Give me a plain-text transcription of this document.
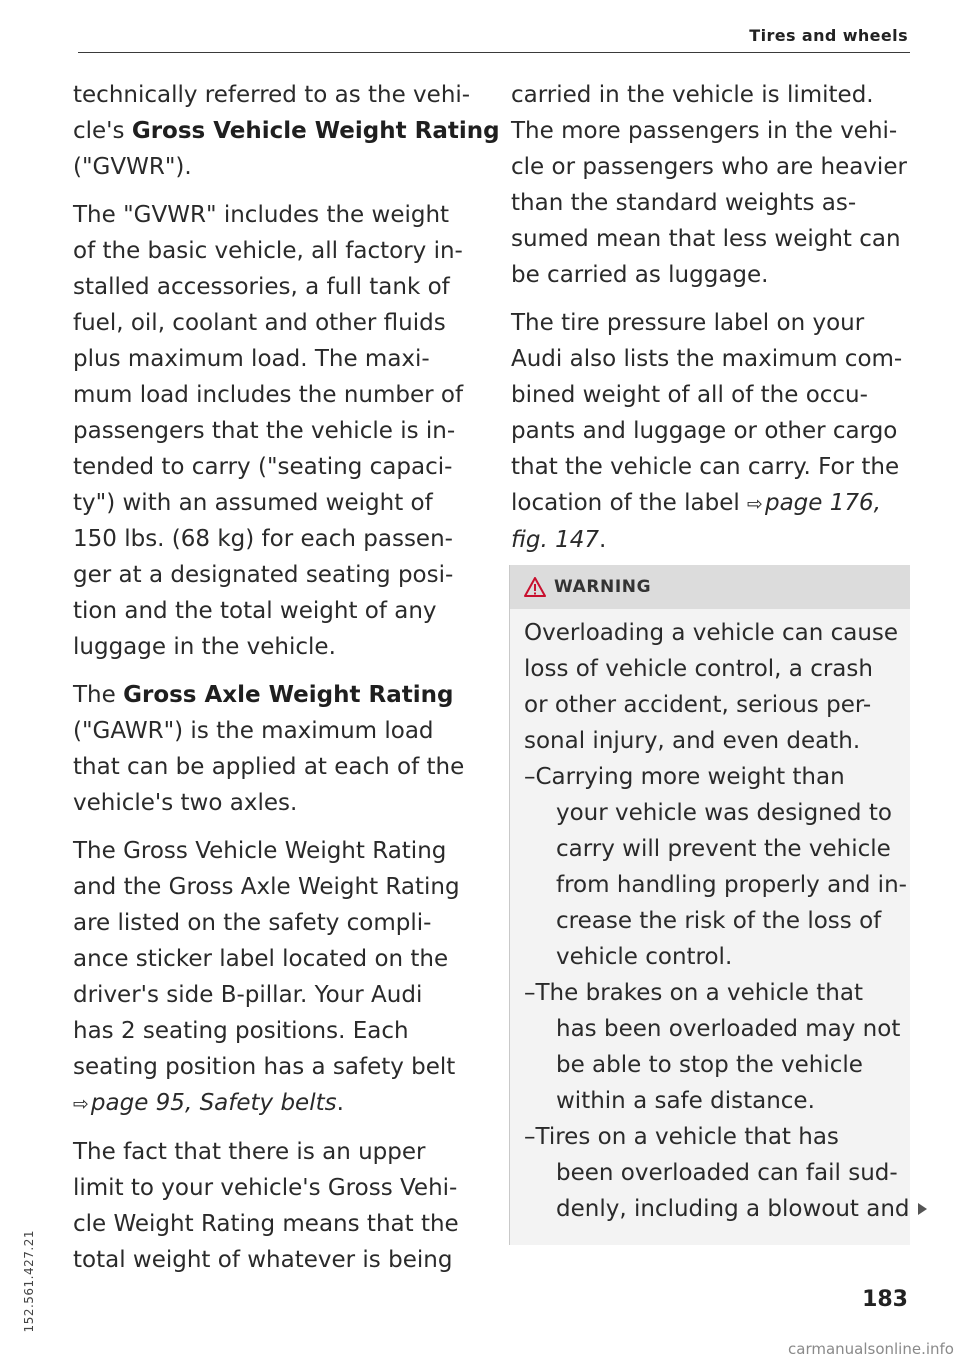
Tires and wheels

technically referred to as the vehi-
cle's Gross Vehicle Weight Rating
("GVWR").

The "GVWR" includes the weight
of the basic vehicle, all factory in-
stalled accessories, a full tank of
fuel, oil, coolant and other fluids
plus maximum load. The maxi-
mum load includes the number of
passengers that the vehicle is in-
tended to carry ("seating capaci-
ty") with an assumed weight of
150 lbs. (68 kg) for each passen-
ger at a designated seating posi-
tion and the total weight of any
luggage in the vehicle.

The Gross Axle Weight Rating
("GAWR") is the maximum load
that can be applied at each of the
vehicle's two axles.

The Gross Vehicle Weight Rating
and the Gross Axle Weight Rating
are listed on the safety compli-
ance sticker label located on the
driver's side B-pillar. Your Audi
has 2 seating positions. Each
seating position has a safety belt
⇨page 95, Safety belts.

The fact that there is an upper
limit to your vehicle's Gross Vehi-
cle Weight Rating means that the
total weight of whatever is being

carried in the vehicle is limited.
The more passengers in the vehi-
cle or passengers who are heavier
than the standard weights as-
sumed mean that less weight can
be carried as luggage.

The tire pressure label on your
Audi also lists the maximum com-
bined weight of all of the occu-
pants and luggage or other cargo
that the vehicle can carry. For the
location of the label ⇨page 176,
fig. 147.

WARNING
Overloading a vehicle can cause
loss of vehicle control, a crash
or other accident, serious per-
sonal injury, and even death.
–Carrying more weight than
your vehicle was designed to
carry will prevent the vehicle
from handling properly and in-
crease the risk of the loss of
vehicle control.
–The brakes on a vehicle that
has been overloaded may not
be able to stop the vehicle
within a safe distance.
–Tires on a vehicle that has
been overloaded can fail sud-
denly, including a blowout and
183
152.561.427.21
carmanualsonline.info
